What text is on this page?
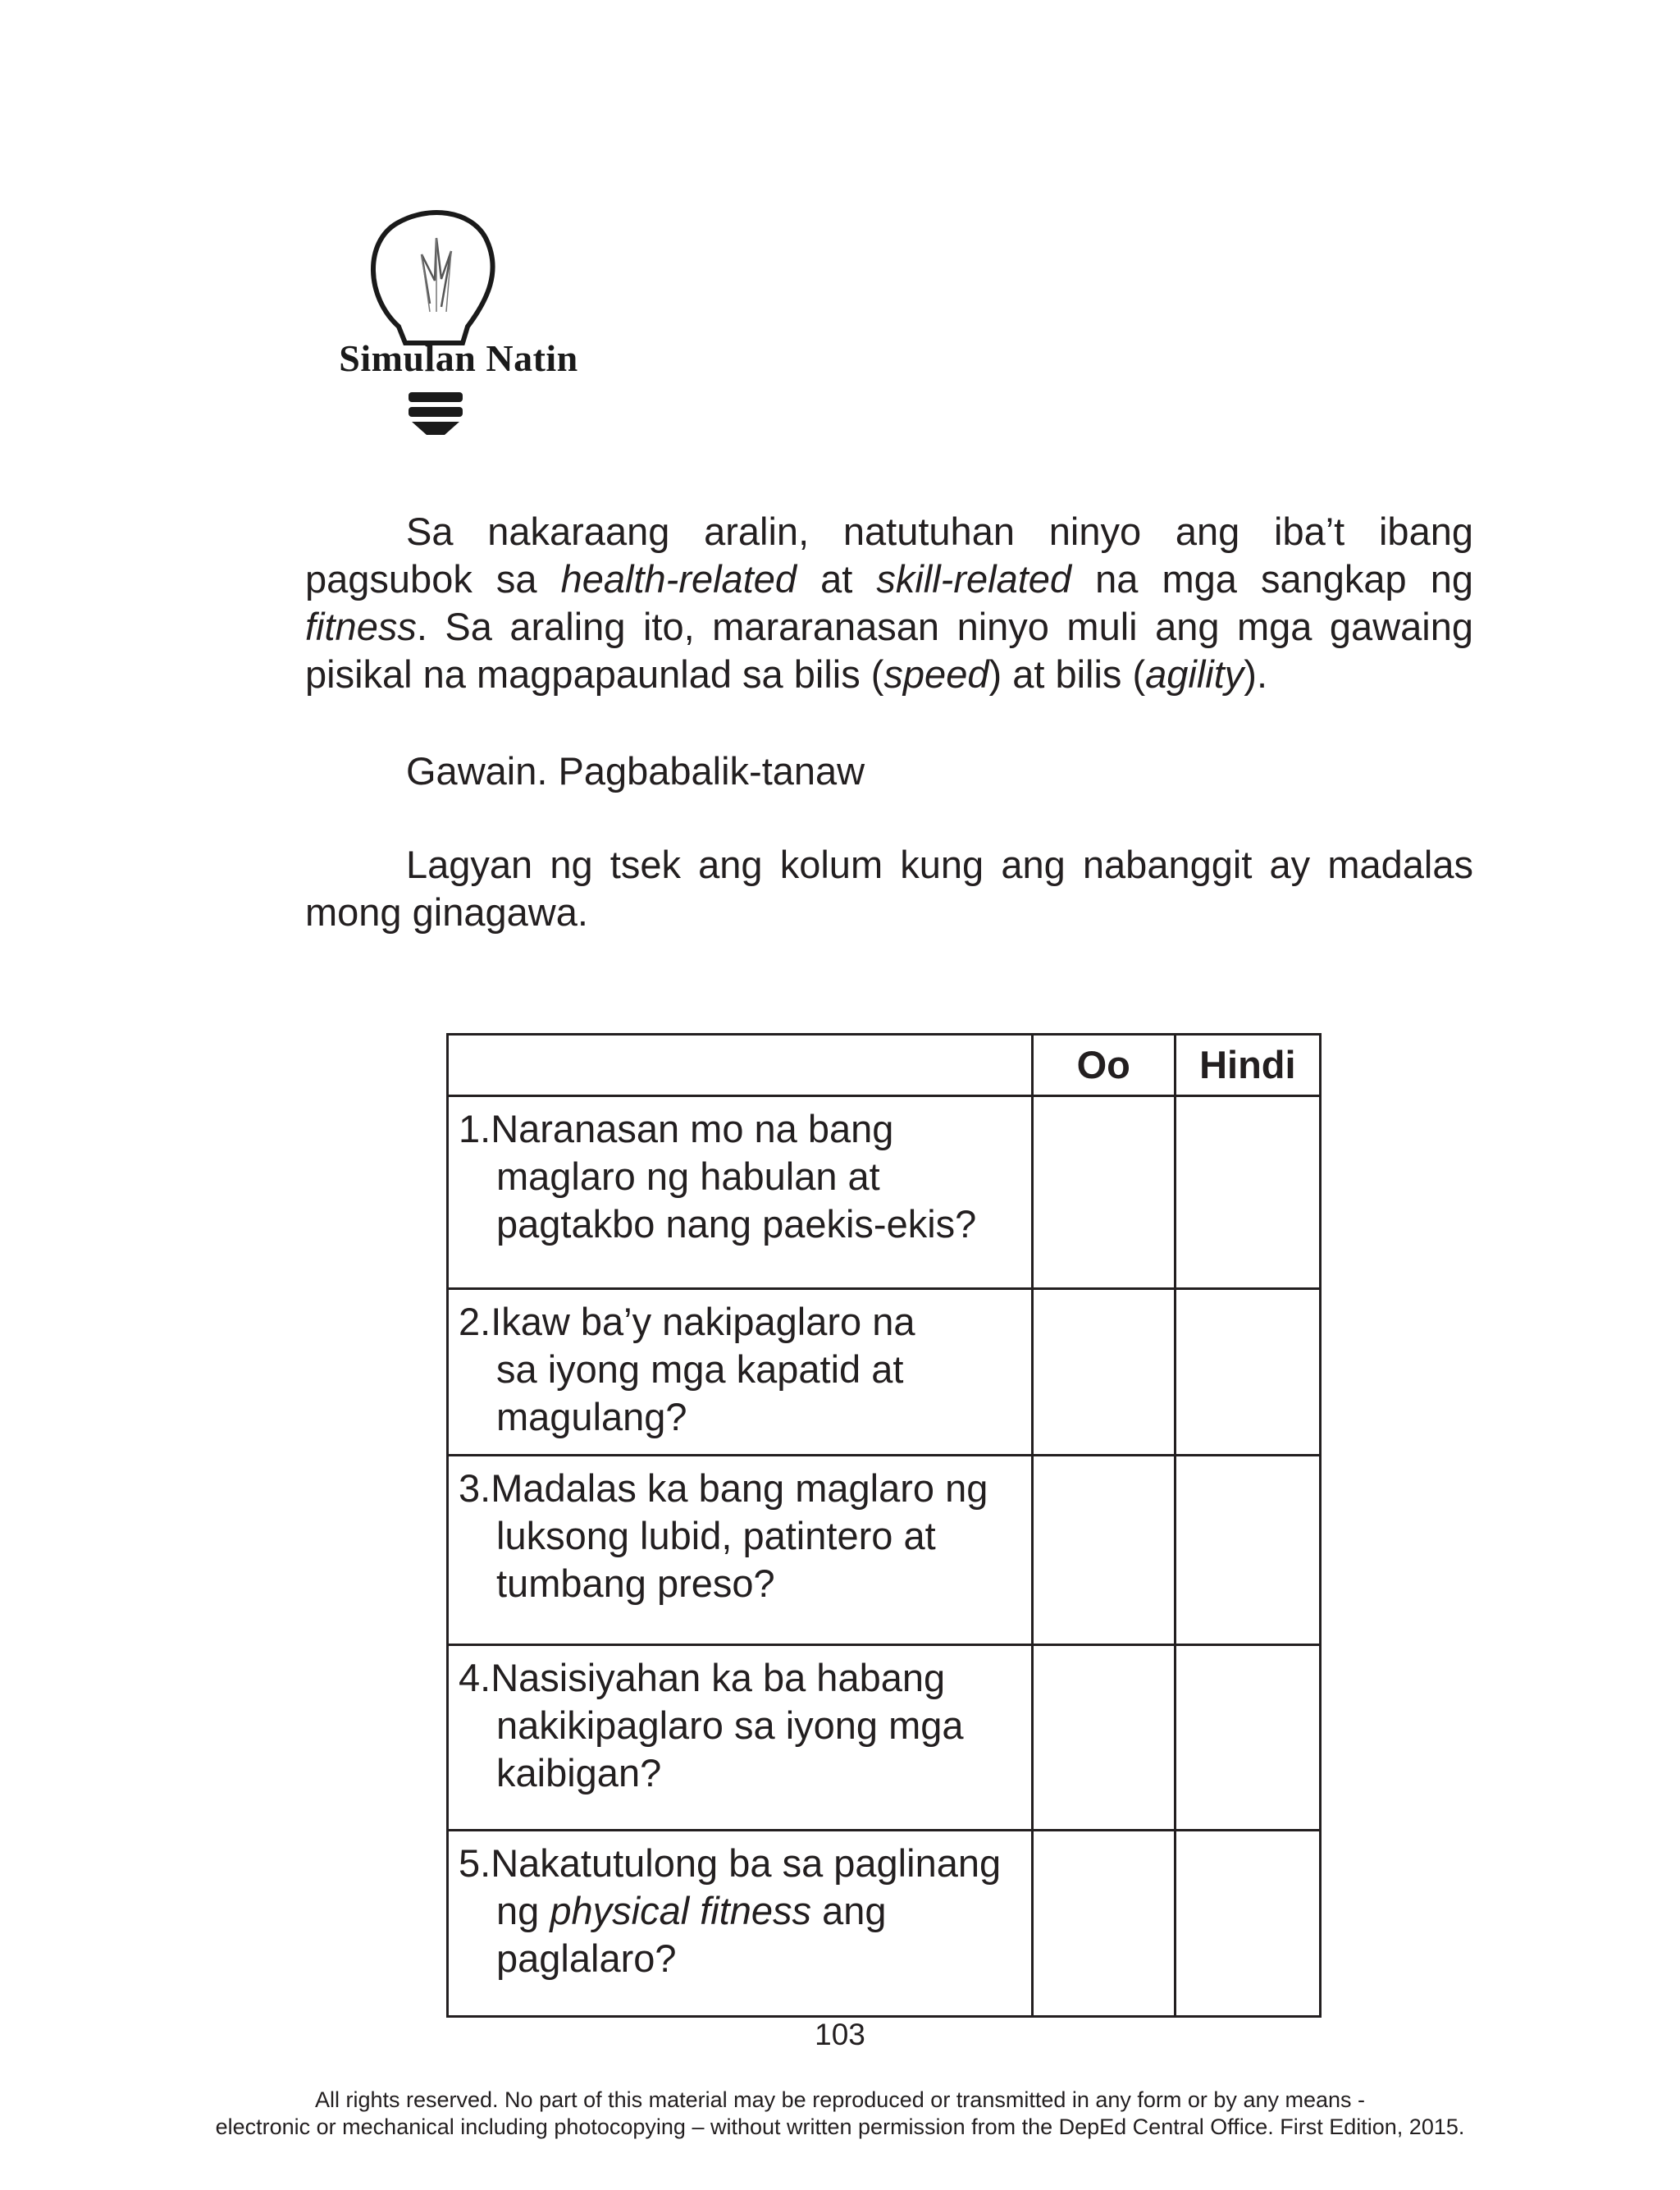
Simulan Natin

Sa nakaraang aralin, natutuhan ninyo ang iba’t ibang pagsubok sa health-related at skill-related na mga sangkap ng fitness. Sa araling ito, mararanasan ninyo muli ang mga gawaing pisikal na magpapaunlad sa bilis (speed) at bilis (agility).

Gawain. Pagbabalik-tanaw

Lagyan ng tsek ang kolum kung ang nabanggit ay madalas mong ginagawa.

	Oo	Hindi

1.Naranasan mo na bang
maglaro ng habulan at
pagtakbo nang paekis-ekis?		

2.Ikaw ba’y nakipaglaro na
sa iyong mga kapatid at
magulang?		

3.Madalas ka bang maglaro ng
luksong lubid, patintero at
tumbang preso?		

4.Nasisiyahan ka ba habang
nakikipaglaro sa iyong mga
kaibigan?		

5.Nakatutulong ba sa paglinang
ng physical fitness ang
paglalaro?		

103
All rights reserved. No part of this material may be reproduced or transmitted in any form or by any means -
electronic or mechanical including photocopying – without written permission from the DepEd Central Office. First Edition, 2015.
